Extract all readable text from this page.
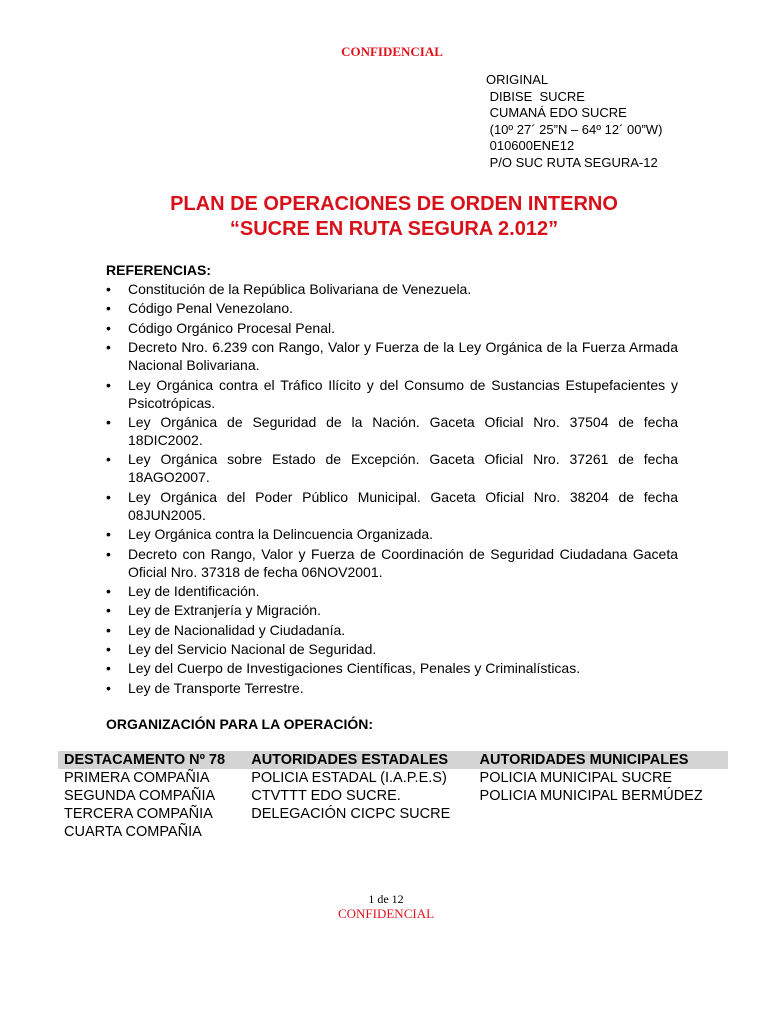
CONFIDENCIAL
ORIGINAL
DIBISE  SUCRE
CUMANÁ EDO SUCRE
(10º 27´ 25”N – 64º 12´ 00”W)
010600ENE12
P/O SUC RUTA SEGURA-12
PLAN DE OPERACIONES DE ORDEN INTERNO
“SUCRE EN RUTA SEGURA 2.012”
REFERENCIAS:
• Constitución de la República Bolivariana de Venezuela.
• Código Penal Venezolano.
• Código Orgánico Procesal Penal.
• Decreto Nro. 6.239 con Rango, Valor y Fuerza de la Ley Orgánica de la Fuerza Armada Nacional Bolivariana.
• Ley Orgánica contra el Tráfico Ilícito y del Consumo de Sustancias Estupefacientes y Psicotrópicas.
• Ley Orgánica de Seguridad de la Nación. Gaceta Oficial Nro. 37504 de fecha 18DIC2002.
• Ley Orgánica sobre Estado de Excepción. Gaceta Oficial Nro. 37261 de fecha 18AGO2007.
• Ley Orgánica del Poder Público Municipal. Gaceta Oficial Nro. 38204 de fecha 08JUN2005.
• Ley Orgánica contra la Delincuencia Organizada.
• Decreto con Rango, Valor y Fuerza de Coordinación de Seguridad Ciudadana Gaceta Oficial Nro. 37318 de fecha 06NOV2001.
• Ley de Identificación.
• Ley de Extranjería y Migración.
• Ley de Nacionalidad y Ciudadanía.
• Ley del Servicio Nacional de Seguridad.
• Ley del Cuerpo de Investigaciones Científicas, Penales y Criminalísticas.
• Ley de Transporte Terrestre.
ORGANIZACIÓN PARA LA OPERACIÓN:
DESTACAMENTO Nº 78	AUTORIDADES ESTADALES	AUTORIDADES MUNICIPALES
PRIMERA COMPAÑIA	POLICIA ESTADAL (I.A.P.E.S)	POLICIA MUNICIPAL SUCRE
SEGUNDA COMPAÑIA	CTVTTT EDO SUCRE.	POLICIA MUNICIPAL BERMÚDEZ
TERCERA COMPAÑIA	DELEGACIÓN CICPC SUCRE	
CUARTA COMPAÑIA		
1 de 12
CONFIDENCIAL
